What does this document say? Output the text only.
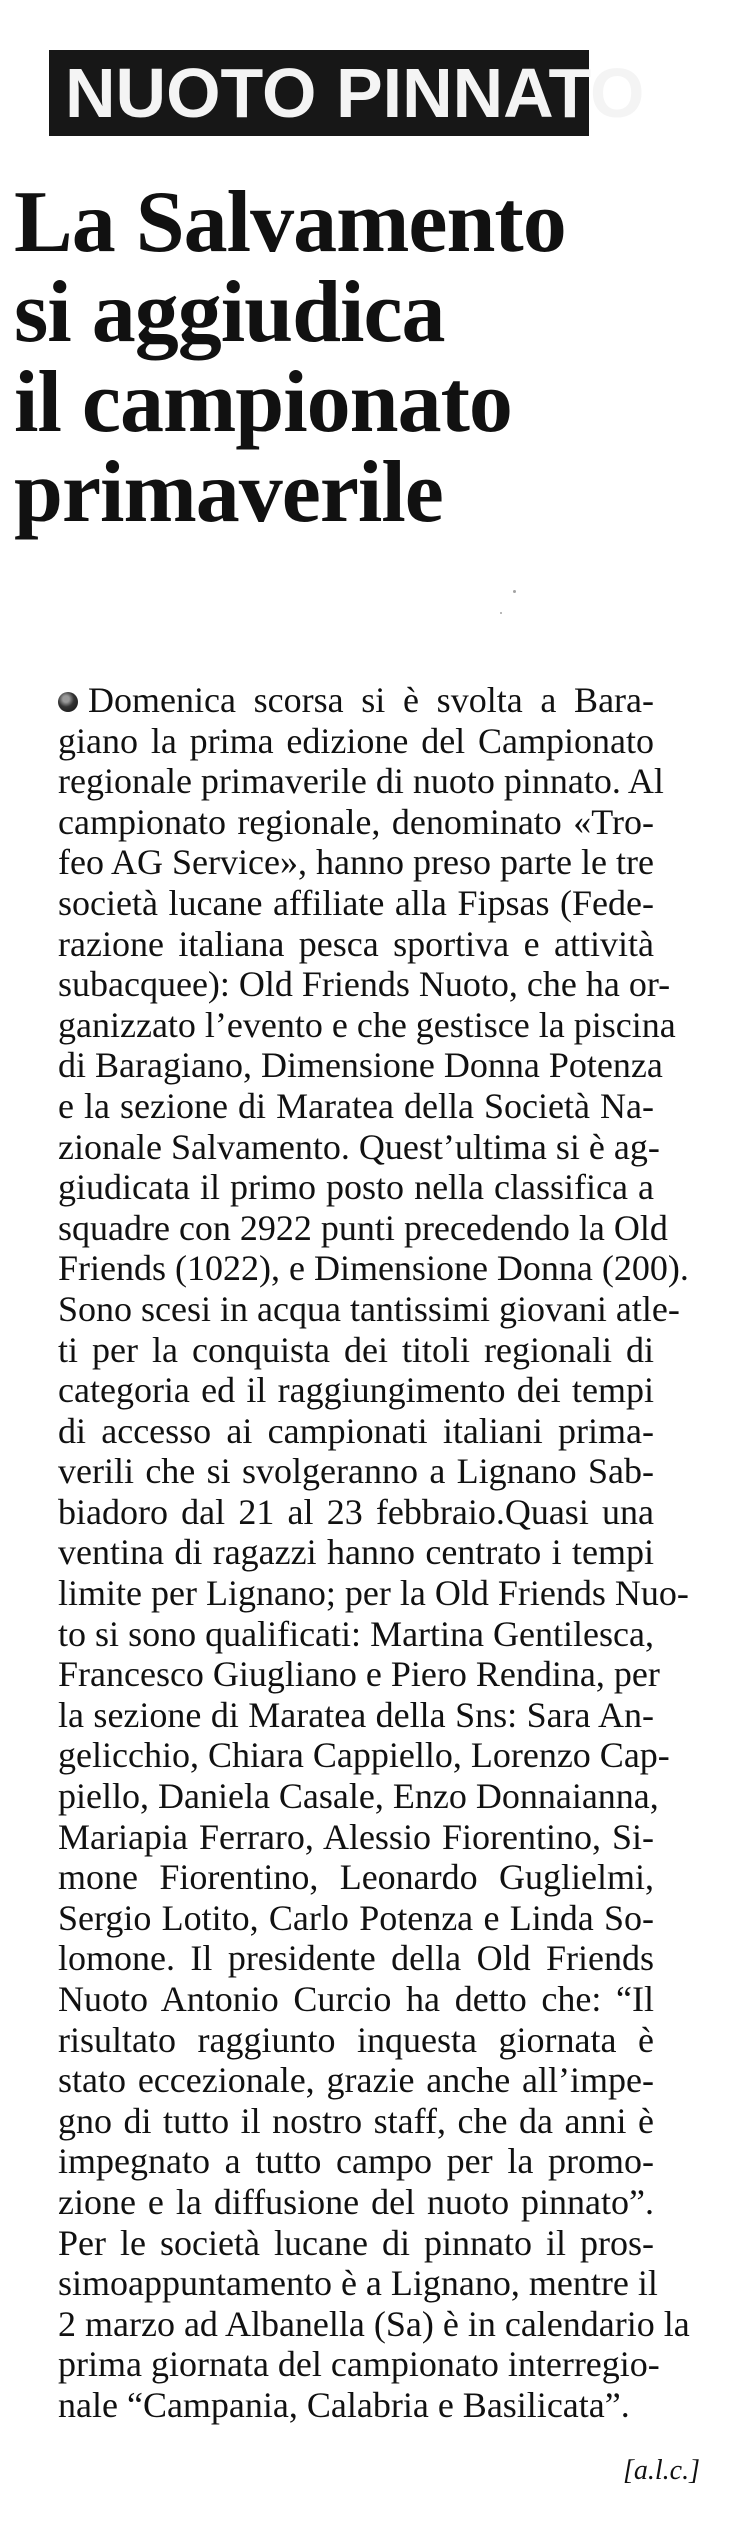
NUOTO PINNATO
La Salvamento
si aggiudica
il campionato
primaverile
Domenica scorsa si è svolta a Bara-
giano la prima edizione del Campionato
regionale primaverile di nuoto pinnato. Al
campionato regionale, denominato «Tro-
feo AG Service», hanno preso parte le tre
società lucane affiliate alla Fipsas (Fede-
razione italiana pesca sportiva e attività
subacquee): Old Friends Nuoto, che ha or-
ganizzato l’evento e che gestisce la piscina
di Baragiano, Dimensione Donna Potenza
e la sezione di Maratea della Società Na-
zionale Salvamento. Quest’ultima si è ag-
giudicata il primo posto nella classifica a
squadre con 2922 punti precedendo la Old
Friends (1022), e Dimensione Donna (200).
Sono scesi in acqua tantissimi giovani atle-
ti per la conquista dei titoli regionali di
categoria ed il raggiungimento dei tempi
di accesso ai campionati italiani prima-
verili che si svolgeranno a Lignano Sab-
biadoro dal 21 al 23 febbraio.Quasi una
ventina di ragazzi hanno centrato i tempi
limite per Lignano; per la Old Friends Nuo-
to si sono qualificati: Martina Gentilesca,
Francesco Giugliano e Piero Rendina, per
la sezione di Maratea della Sns: Sara An-
gelicchio, Chiara Cappiello, Lorenzo Cap-
piello, Daniela Casale, Enzo Donnaianna,
Mariapia Ferraro, Alessio Fiorentino, Si-
mone Fiorentino, Leonardo Guglielmi,
Sergio Lotito, Carlo Potenza e Linda So-
lomone. Il presidente della Old Friends
Nuoto Antonio Curcio ha detto che: “Il
risultato raggiunto inquesta giornata è
stato eccezionale, grazie anche all’impe-
gno di tutto il nostro staff, che da anni è
impegnato a tutto campo per la promo-
zione e la diffusione del nuoto pinnato”.
Per le società lucane di pinnato il pros-
simoappuntamento è a Lignano, mentre il
2 marzo ad Albanella (Sa) è in calendario la
prima giornata del campionato interregio-
nale “Campania, Calabria e Basilicata”.
[a.l.c.]
